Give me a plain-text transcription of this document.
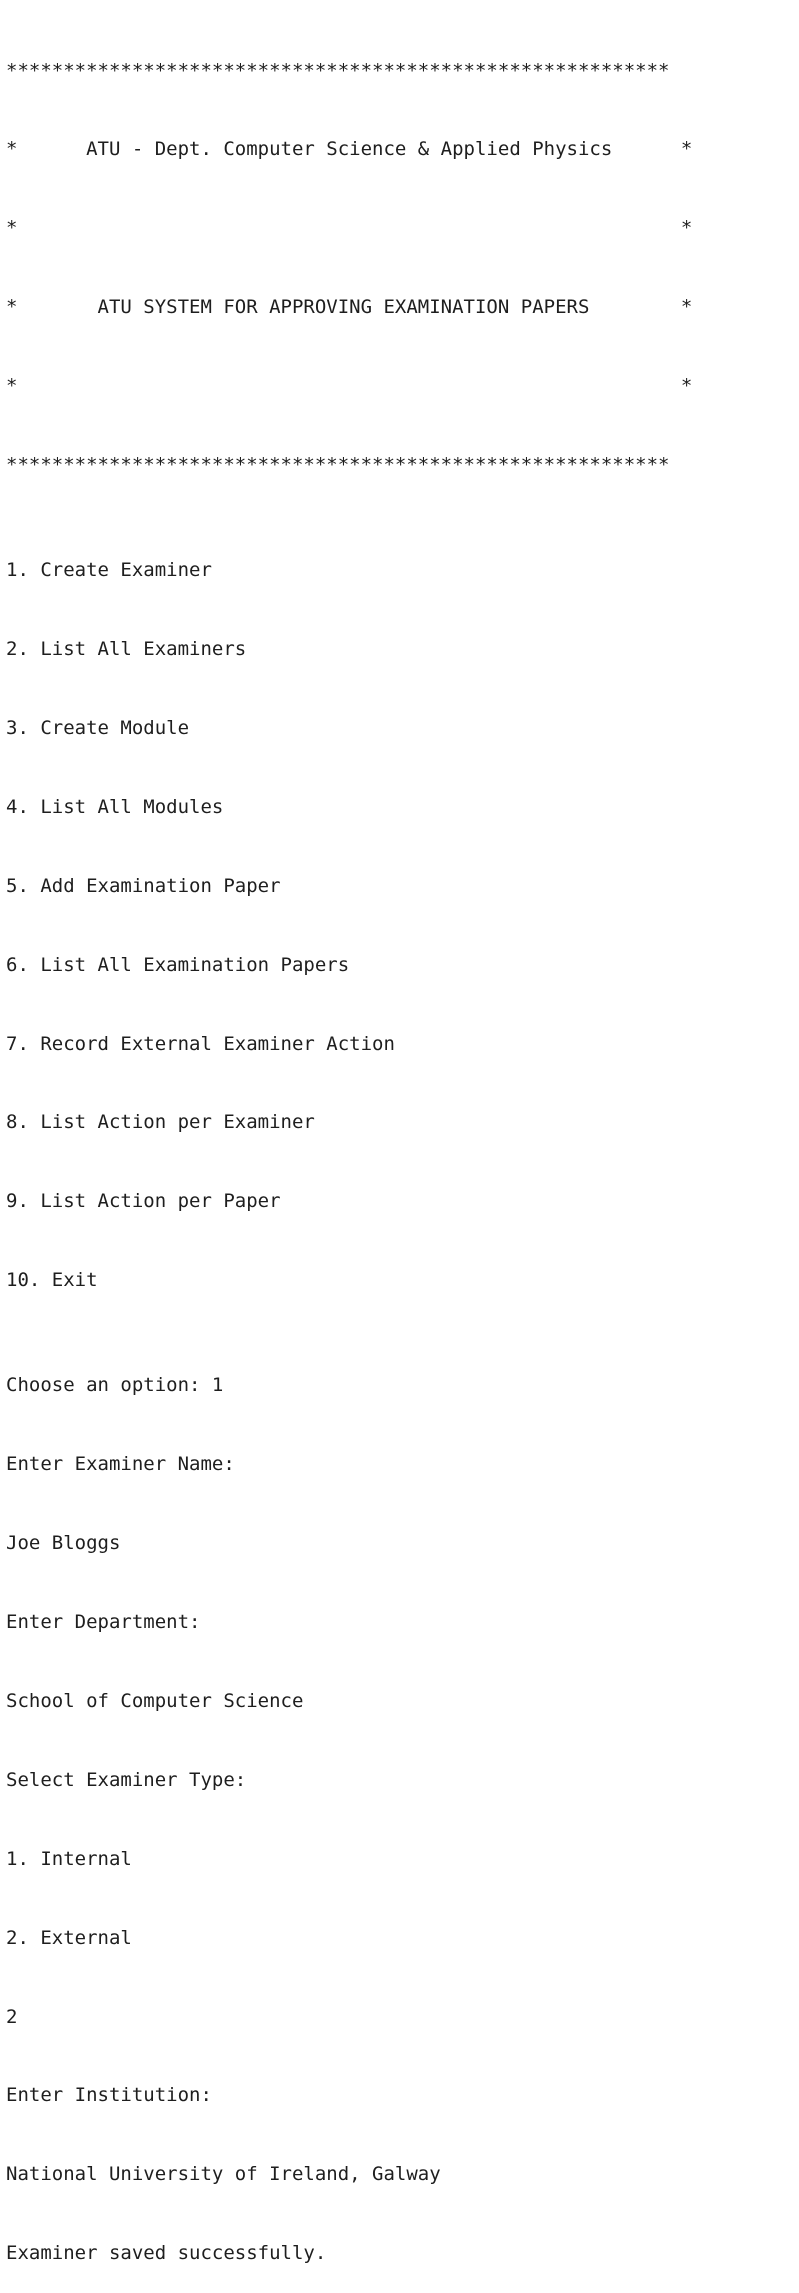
**********************************************************

*      ATU - Dept. Computer Science & Applied Physics      *

*                                                          *

*       ATU SYSTEM FOR APPROVING EXAMINATION PAPERS        *

*                                                          *

**********************************************************

1. Create Examiner

2. List All Examiners

3. Create Module

4. List All Modules

5. Add Examination Paper

6. List All Examination Papers

7. Record External Examiner Action

8. List Action per Examiner

9. List Action per Paper

10. Exit

Choose an option: 1

Enter Examiner Name:

Joe Bloggs

Enter Department:

School of Computer Science

Select Examiner Type:

1. Internal

2. External

2

Enter Institution:

National University of Ireland, Galway

Examiner saved successfully.
